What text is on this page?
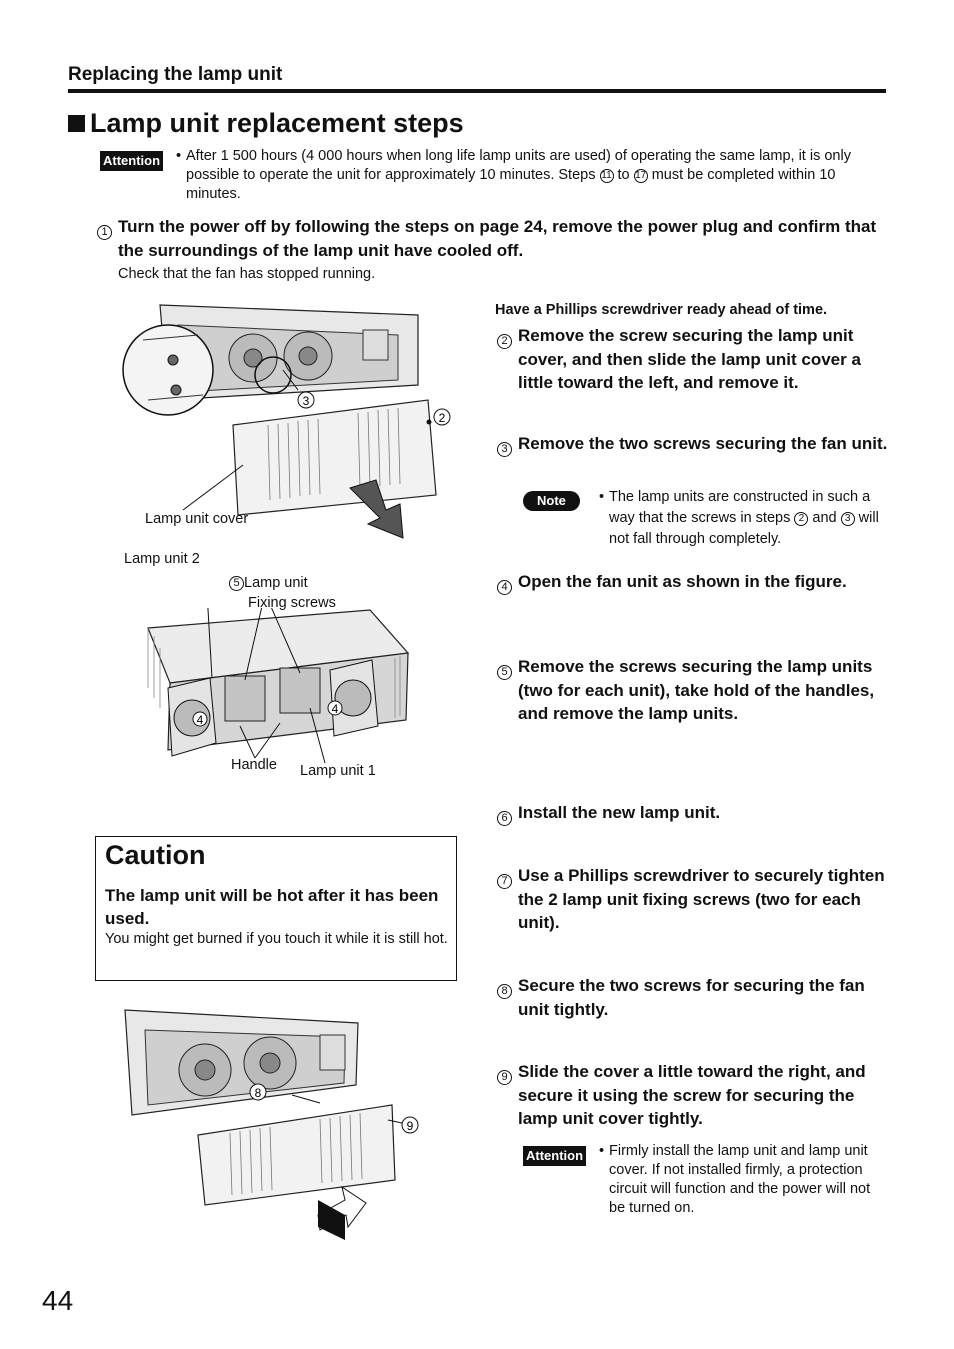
Replacing the lamp unit
Lamp unit replacement steps
Attention • After 1 500 hours (4 000 hours when long life lamp units are used) of operating the same lamp, it is only possible to operate the unit for approximately 10 minutes. Steps 11 to 17 must be completed within 10 minutes.
1 Turn the power off by following the steps on page 24, remove the power plug and confirm that the surroundings of the lamp unit have cooled off.
Check that the fan has stopped running.
Have a Phillips screwdriver ready ahead of time.
2 Remove the screw securing the lamp unit cover, and then slide the lamp unit cover a little toward the left, and remove it.
3 Remove the two screws securing the fan unit.
Note	• The lamp units are constructed in such a way that the screws in steps 2 and 3 will not fall through completely.
4 Open the fan unit as shown in the figure.
5 Remove the screws securing the lamp units (two for each unit), take hold of the handles, and remove the lamp units.
6 Install the new lamp unit.
7 Use a Phillips screwdriver to securely tighten the 2 lamp unit fixing screws (two for each unit).
8 Secure the two screws for securing the fan unit tightly.
9 Slide the cover a little toward the right, and secure it using the screw for securing the lamp unit cover tightly.
Attention • Firmly install the lamp unit and lamp unit cover. If not installed firmly, a protection circuit will function and the power will not be turned on.
3
2
Lamp unit cover
Lamp unit 2
5 Lamp unit
Fixing screws
4
4
Handle Lamp unit 1
Caution
The lamp unit will be hot after it has been used.
You might get burned if you touch it while it is still hot.
8
9
44
